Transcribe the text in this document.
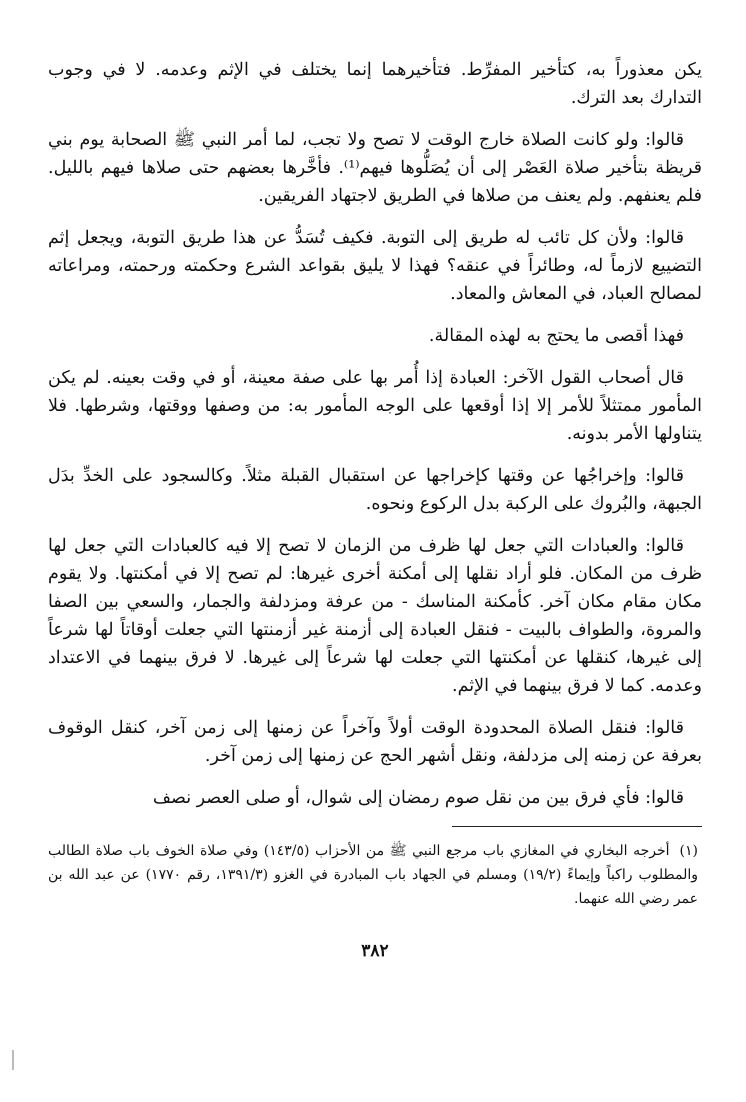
يكن معذوراً به، كتأخير المفرِّط. فتأخيرهما إنما يختلف في الإثم وعدمه. لا في وجوب التدارك بعد الترك.

قالوا: ولو كانت الصلاة خارج الوقت لا تصح ولا تجب، لما أمر النبي ﷺ الصحابة يوم بني قريظة بتأخير صلاة العَصْر إلى أن يُصَلُّوها فيهم⁽¹⁾. فأخَّرها بعضهم حتى صلاها فيهم بالليل. فلم يعنفهم. ولم يعنف من صلاها في الطريق لاجتهاد الفريقين.

قالوا: ولأن كل تائب له طريق إلى التوبة. فكيف تُسَدُّ عن هذا طريق التوبة، ويجعل إثم التضييع لازماً له، وطائراً في عنقه؟ فهذا لا يليق بقواعد الشرع وحكمته ورحمته، ومراعاته لمصالح العباد، في المعاش والمعاد.

فهذا أقصى ما يحتج به لهذه المقالة.

قال أصحاب القول الآخر: العبادة إذا أُمر بها على صفة معينة، أو في وقت بعينه. لم يكن المأمور ممتثلاً للأمر إلا إذا أوقعها على الوجه المأمور به: من وصفها ووقتها، وشرطها. فلا يتناولها الأمر بدونه.

قالوا: وإخراجُها عن وقتها كإخراجها عن استقبال القبلة مثلاً. وكالسجود على الخدِّ بدَل الجبهة، والبُروك على الركبة بدل الركوع ونحوه.

قالوا: والعبادات التي جعل لها ظرف من الزمان لا تصح إلا فيه كالعبادات التي جعل لها ظرف من المكان. فلو أراد نقلها إلى أمكنة أخرى غيرها: لم تصح إلا في أمكنتها. ولا يقوم مكان مقام مكان آخر. كأمكنة المناسك - من عرفة ومزدلفة والجمار، والسعي بين الصفا والمروة، والطواف بالبيت - فنقل العبادة إلى أزمنة غير أزمنتها التي جعلت أوقاتاً لها شرعاً إلى غيرها، كنقلها عن أمكنتها التي جعلت لها شرعاً إلى غيرها. لا فرق بينهما في الاعتداد وعدمه. كما لا فرق بينهما في الإثم.

قالوا: فنقل الصلاة المحدودة الوقت أولاً وآخراً عن زمنها إلى زمن آخر، كنقل الوقوف بعرفة عن زمنه إلى مزدلفة، ونقل أشهر الحج عن زمنها إلى زمن آخر.

قالوا: فأي فرق بين من نقل صوم رمضان إلى شوال، أو صلى العصر نصف

(١)أخرجه البخاري في المغازي باب مرجع النبي ﷺ من الأحزاب (١٤٣/٥) وفي صلاة الخوف باب صلاة الطالب والمطلوب راكباً وإيماءً (١٩/٢) ومسلم في الجهاد باب المبادرة في الغزو (١٣٩١/٣، رقم ١٧٧٠) عن عبد الله بن عمر رضي الله عنهما.
٣٨٢
